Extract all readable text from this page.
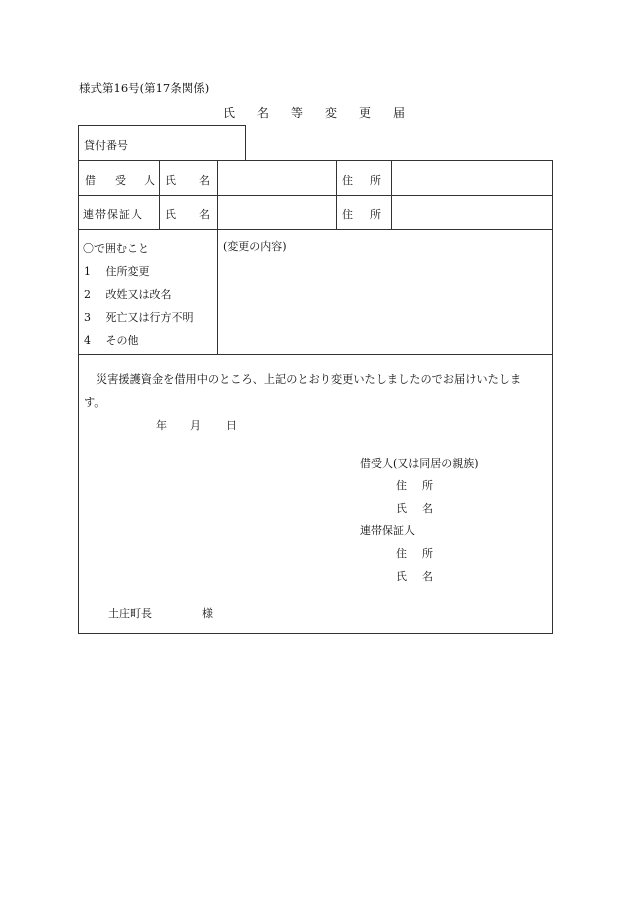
様式第16号(第17条関係)
氏名等変更届
貸付番号
借 受 人 氏　名	住　所
連帯保証人 氏　名	住　所
〇で囲むこと
1 住所変更
2 改姓又は改名
3 死亡又は行方不明
4 その他
(変更の内容)
災害援護資金を借用中のところ、上記のとおり変更いたしましたのでお届けいたしま
す。
年 月 日
借受人(又は同居の親族)
住　所
氏　名
連帯保証人
住　所
氏　名
土庄町長	様
